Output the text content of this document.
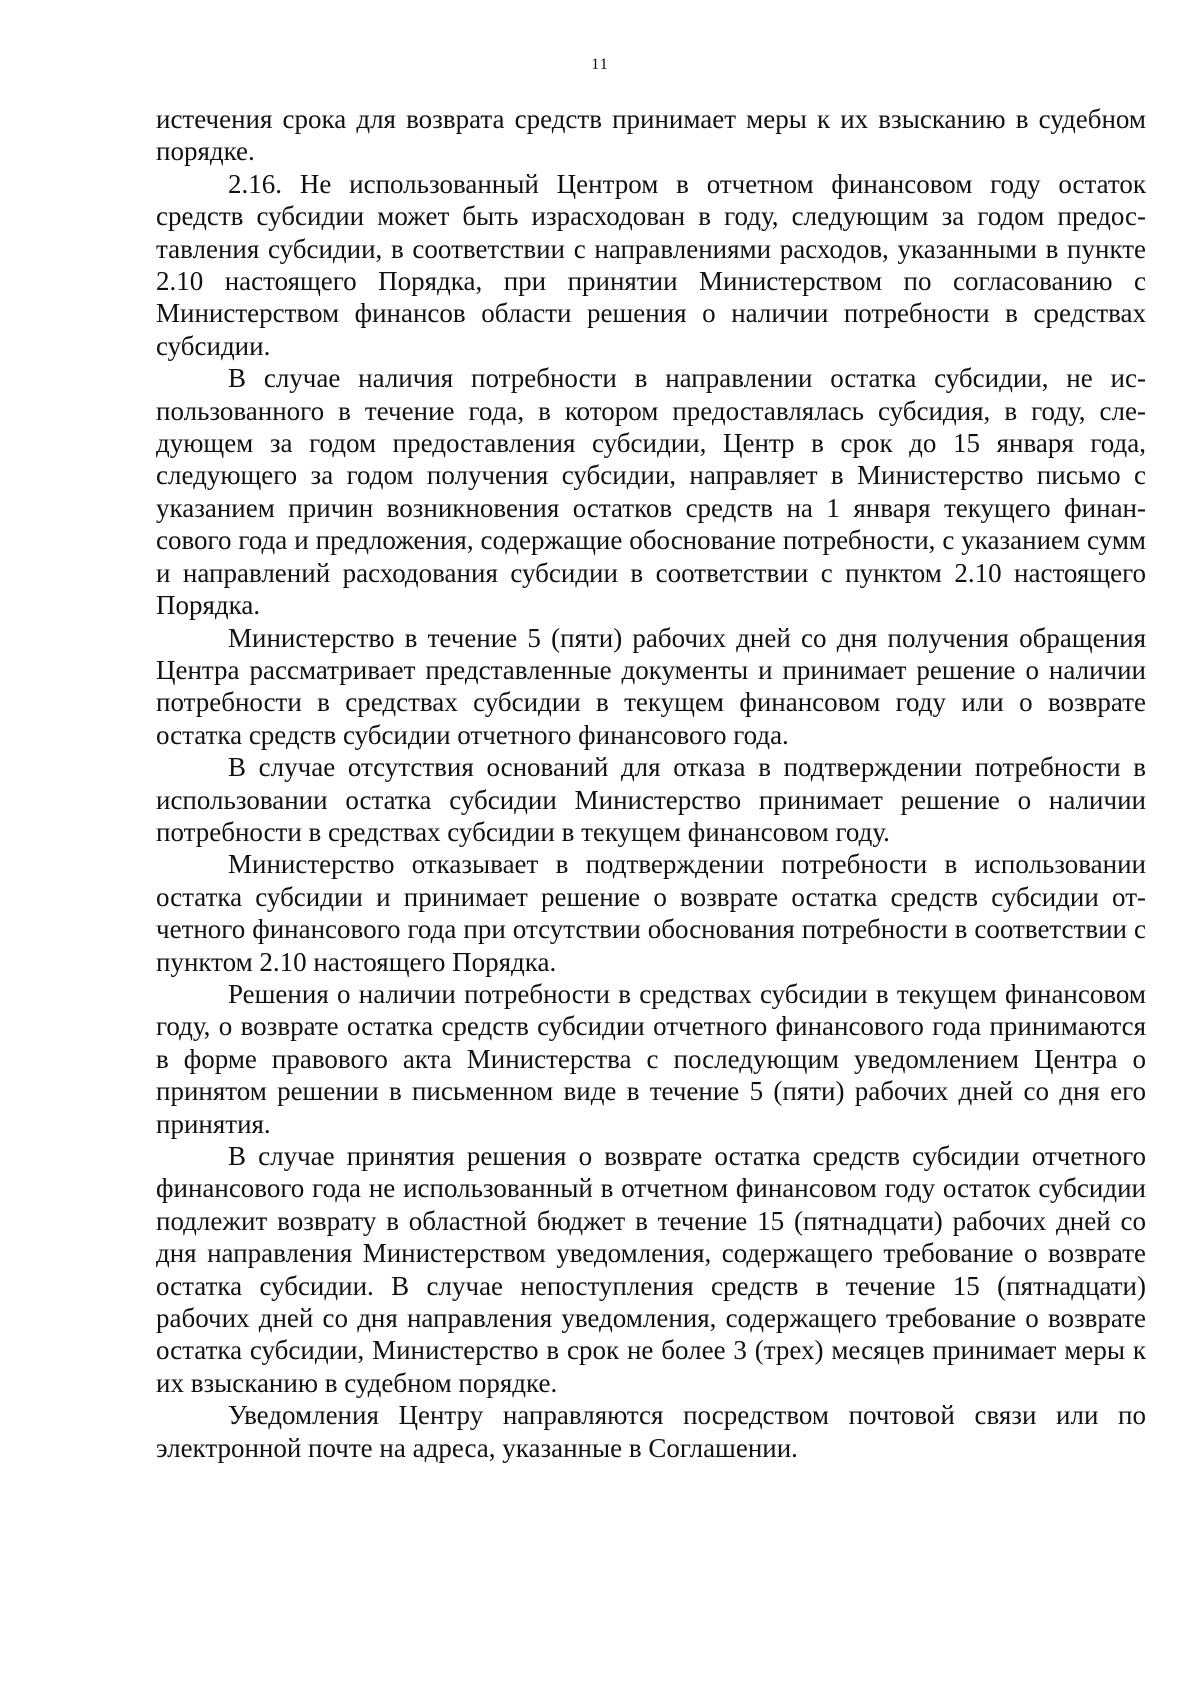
11

истечения срока для возврата средств принимает меры к их взысканию в судебном порядке.

2.16. Не использованный Центром в отчетном финансовом году остаток средств субсидии может быть израсходован в году, следующим за годом предоставления субсидии, в соответствии с направлениями расходов, указанными в пункте 2.10 настоящего Порядка, при принятии Министерством по согласованию с Министерством финансов области решения о наличии потребности в средствах субсидии.

В случае наличия потребности в направлении остатка субсидии, не использованного в течение года, в котором предоставлялась субсидия, в году, следующем за годом предоставления субсидии, Центр в срок до 15 января года, следующего за годом получения субсидии, направляет в Министерство письмо с указанием причин возникновения остатков средств на 1 января текущего финансового года и предложения, содержащие обоснование потребности, с указанием сумм и направлений расходования субсидии в соответствии с пунктом 2.10 настоящего Порядка.

Министерство в течение 5 (пяти) рабочих дней со дня получения обращения Центра рассматривает представленные документы и принимает решение о наличии потребности в средствах субсидии в текущем финансовом году или о возврате остатка средств субсидии отчетного финансового года.

В случае отсутствия оснований для отказа в подтверждении потребности в использовании остатка субсидии Министерство принимает решение о наличии потребности в средствах субсидии в текущем финансовом году.

Министерство отказывает в подтверждении потребности в использовании остатка субсидии и принимает решение о возврате остатка средств субсидии отчетного финансового года при отсутствии обоснования потребности в соответствии с пунктом 2.10 настоящего Порядка.

Решения о наличии потребности в средствах субсидии в текущем финансовом году, о возврате остатка средств субсидии отчетного финансового года принимаются в форме правового акта Министерства с последующим уведомлением Центра о принятом решении в письменном виде в течение 5 (пяти) рабочих дней со дня его принятия.

В случае принятия решения о возврате остатка средств субсидии отчетного финансового года не использованный в отчетном финансовом году остаток субсидии подлежит возврату в областной бюджет в течение 15 (пятнадцати) рабочих дней со дня направления Министерством уведомления, содержащего требование о возврате остатка субсидии. В случае непоступления средств в течение 15 (пятнадцати) рабочих дней со дня направления уведомления, содержащего требование о возврате остатка субсидии, Министерство в срок не более 3 (трех) месяцев принимает меры к их взысканию в судебном порядке.

Уведомления Центру направляются посредством почтовой связи или по электронной почте на адреса, указанные в Соглашении.
